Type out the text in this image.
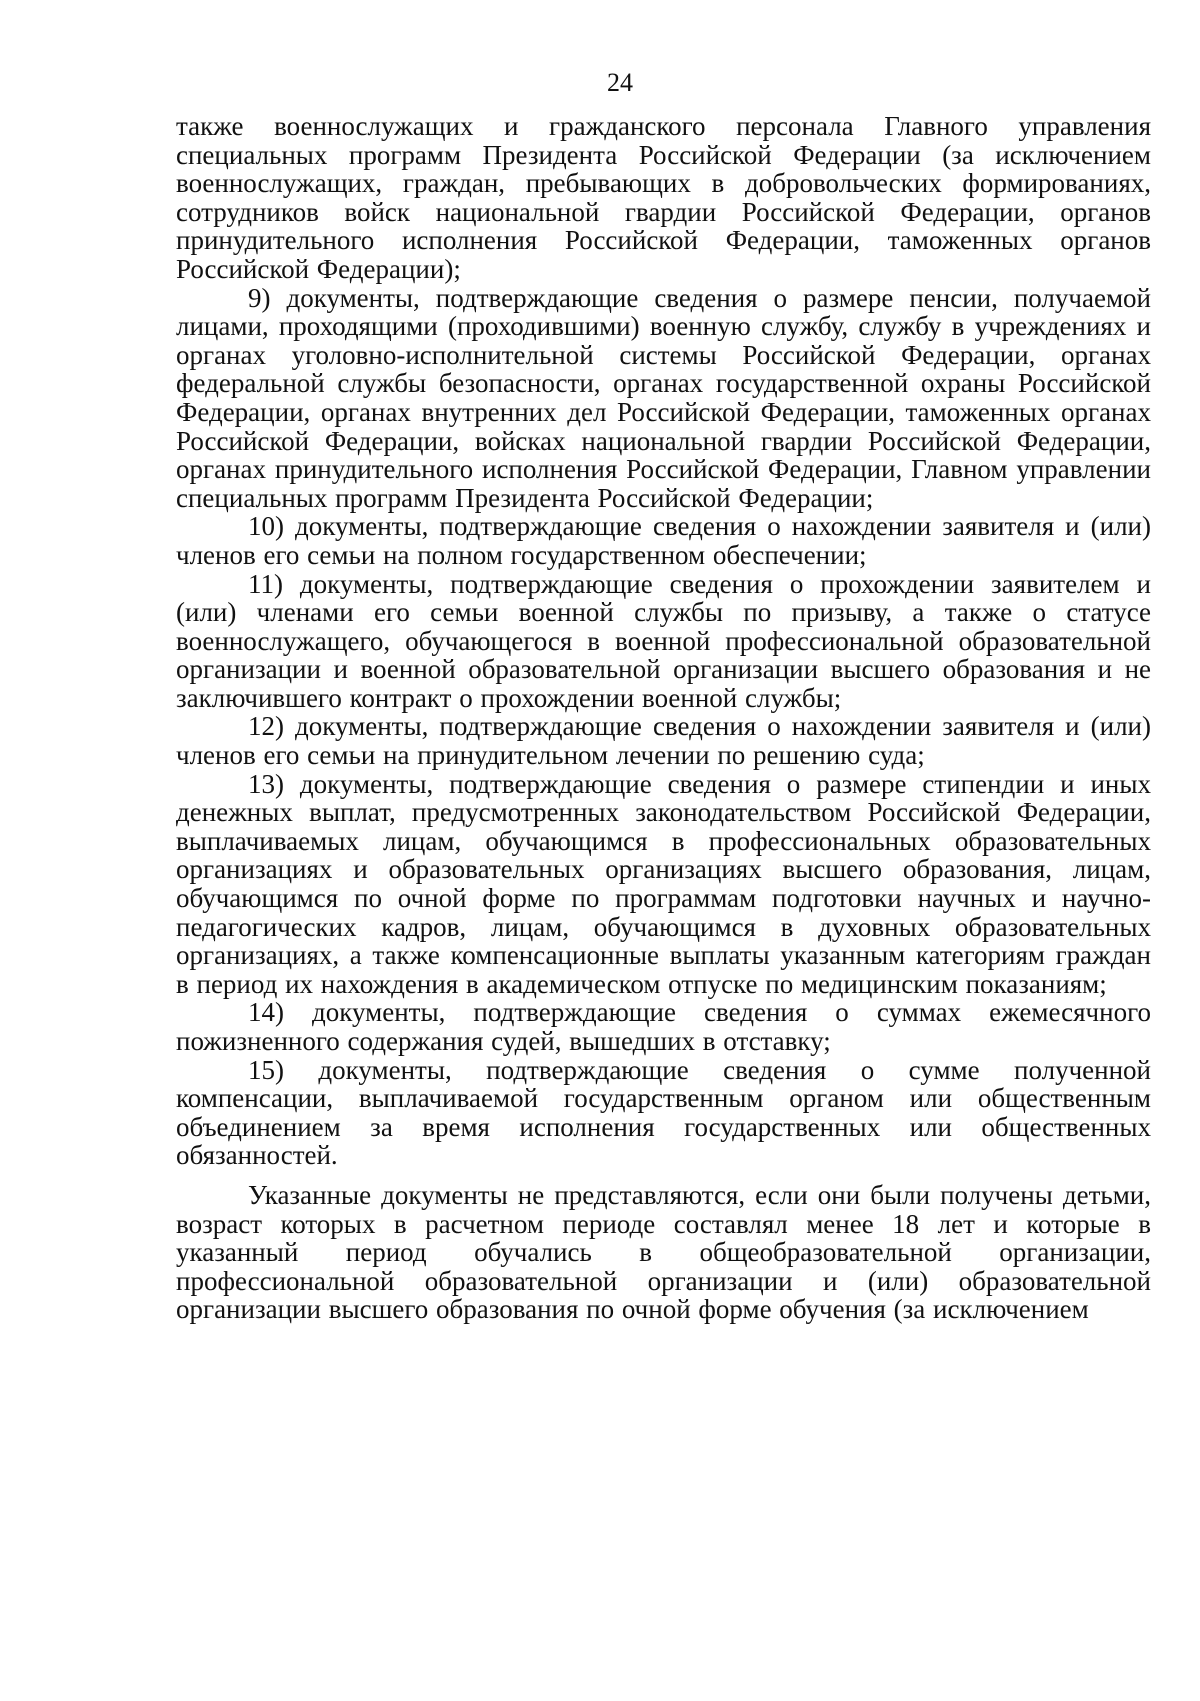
24

также военнослужащих и гражданского персонала Главного управления специальных программ Президента Российской Федерации (за исключением военнослужащих, граждан, пребывающих в добровольческих формированиях, сотрудников войск национальной гвардии Российской Федерации, органов принудительного исполнения Российской Федерации, таможенных органов Российской Федерации);

9) документы, подтверждающие сведения о размере пенсии, получаемой лицами, проходящими (проходившими) военную службу, службу в учреждениях и органах уголовно-исполнительной системы Российской Федерации, органах федеральной службы безопасности, органах государственной охраны Российской Федерации, органах внутренних дел Российской Федерации, таможенных органах Российской Федерации, войсках национальной гвардии Российской Федерации, органах принудительного исполнения Российской Федерации, Главном управлении специальных программ Президента Российской Федерации;

10) документы, подтверждающие сведения о нахождении заявителя и (или) членов его семьи на полном государственном обеспечении;

11) документы, подтверждающие сведения о прохождении заявителем и (или) членами его семьи военной службы по призыву, а также о статусе военнослужащего, обучающегося в военной профессиональной образовательной организации и военной образовательной организации высшего образования и не заключившего контракт о прохождении военной службы;

12) документы, подтверждающие сведения о нахождении заявителя и (или) членов его семьи на принудительном лечении по решению суда;

13) документы, подтверждающие сведения о размере стипендии и иных денежных выплат, предусмотренных законодательством Российской Федерации, выплачиваемых лицам, обучающимся в профессиональных образовательных организациях и образовательных организациях высшего образования, лицам, обучающимся по очной форме по программам подготовки научных и научно-педагогических кадров, лицам, обучающимся в духовных образовательных организациях, а также компенсационные выплаты указанным категориям граждан в период их нахождения в академическом отпуске по медицинским показаниям;

14) документы, подтверждающие сведения о суммах ежемесячного пожизненного содержания судей, вышедших в отставку;

15) документы, подтверждающие сведения о сумме полученной компенсации, выплачиваемой государственным органом или общественным объединением за время исполнения государственных или общественных обязанностей.

Указанные документы не представляются, если они были получены детьми, возраст которых в расчетном периоде составлял менее 18 лет и которые в указанный период обучались в общеобразовательной организации, профессиональной образовательной организации и (или) образовательной организации высшего образования по очной форме обучения (за исключением
